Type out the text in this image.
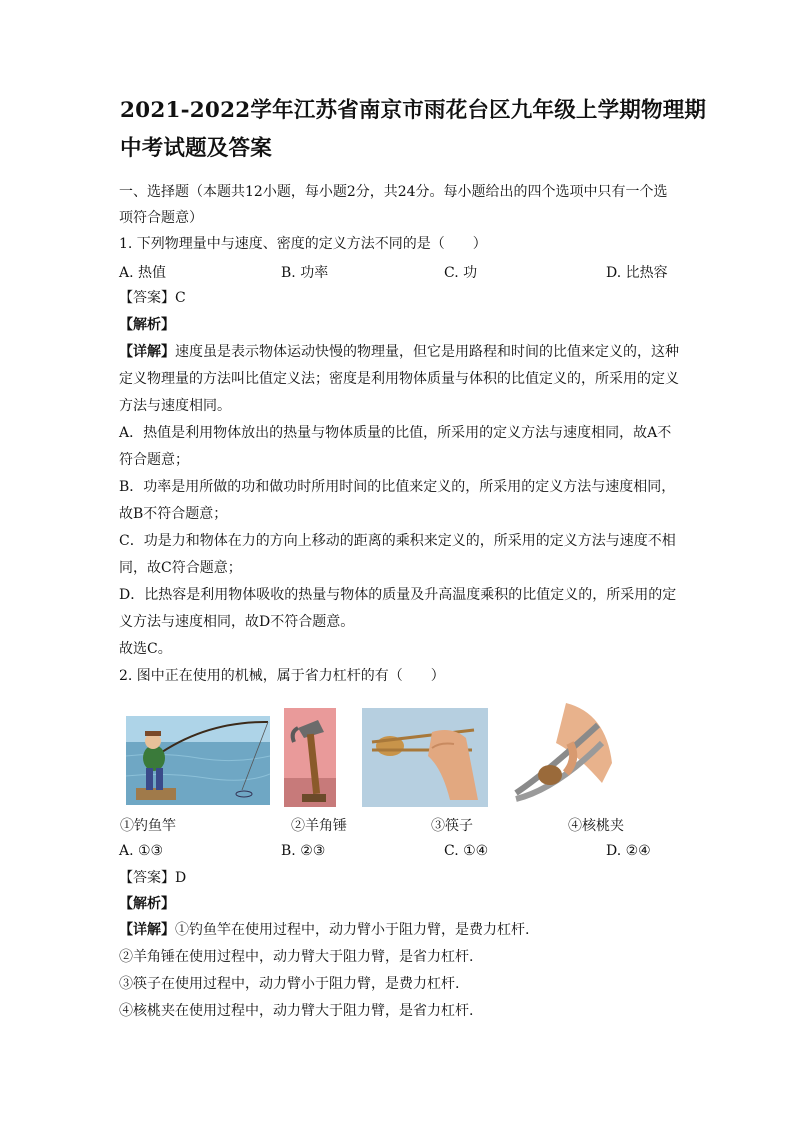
2021-2022学年江苏省南京市雨花台区九年级上学期物理期
中考试题及答案
一、选择题（本题共12小题，每小题2分，共24分。每小题给出的四个选项中只有一个选
项符合题意）
1. 下列物理量中与速度、密度的定义方法不同的是（　　）
A. 热值	B. 功率	C. 功	D. 比热容
【答案】C
【解析】
【详解】速度虽是表示物体运动快慢的物理量，但它是用路程和时间的比值来定义的，这种
定义物理量的方法叫比值定义法；密度是利用物体质量与体积的比值定义的，所采用的定义
方法与速度相同。
A．热值是利用物体放出的热量与物体质量的比值，所采用的定义方法与速度相同，故A不
符合题意；
B．功率是用所做的功和做功时所用时间的比值来定义的，所采用的定义方法与速度相同，
故B不符合题意；
C．功是力和物体在力的方向上移动的距离的乘积来定义的，所采用的定义方法与速度不相
同，故C符合题意；
D．比热容是利用物体吸收的热量与物体的质量及升高温度乘积的比值定义的，所采用的定
义方法与速度相同，故D不符合题意。
故选C。
2. 图中正在使用的机械，属于省力杠杆的有（　　）
①钓鱼竿	②羊角锤	③筷子	④核桃夹
A. ①③	B. ②③	C. ①④	D. ②④
【答案】D
【解析】
【详解】①钓鱼竿在使用过程中，动力臂小于阻力臂，是费力杠杆.
②羊角锤在使用过程中，动力臂大于阻力臂，是省力杠杆.
③筷子在使用过程中，动力臂小于阻力臂，是费力杠杆.
④核桃夹在使用过程中，动力臂大于阻力臂，是省力杠杆.
